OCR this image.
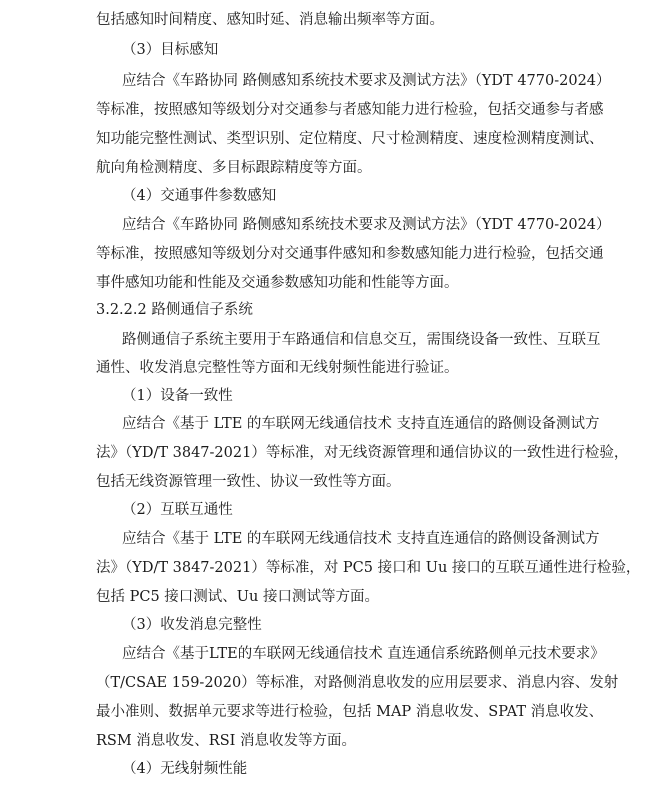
包括感知时间精度、感知时延、消息输出频率等方面。
（3）目标感知
应结合《车路协同 路侧感知系统技术要求及测试方法》（YDT 4770-2024）
等标准，按照感知等级划分对交通参与者感知能力进行检验，包括交通参与者感
知功能完整性测试、类型识别、定位精度、尺寸检测精度、速度检测精度测试、
航向角检测精度、多目标跟踪精度等方面。
（4）交通事件参数感知
应结合《车路协同 路侧感知系统技术要求及测试方法》（YDT 4770-2024）
等标准，按照感知等级划分对交通事件感知和参数感知能力进行检验，包括交通
事件感知功能和性能及交通参数感知功能和性能等方面。
3.2.2.2 路侧通信子系统
路侧通信子系统主要用于车路通信和信息交互，需围绕设备一致性、互联互
通性、收发消息完整性等方面和无线射频性能进行验证。
（1）设备一致性
应结合《基于 LTE 的车联网无线通信技术 支持直连通信的路侧设备测试方
法》（YD/T 3847-2021）等标准，对无线资源管理和通信协议的一致性进行检验，
包括无线资源管理一致性、协议一致性等方面。
（2）互联互通性
应结合《基于 LTE 的车联网无线通信技术 支持直连通信的路侧设备测试方
法》（YD/T 3847-2021）等标准，对 PC5 接口和 Uu 接口的互联互通性进行检验，
包括 PC5 接口测试、Uu 接口测试等方面。
（3）收发消息完整性
应结合《基于LTE的车联网无线通信技术 直连通信系统路侧单元技术要求》
（T/CSAE 159-2020）等标准，对路侧消息收发的应用层要求、消息内容、发射
最小准则、数据单元要求等进行检验，包括 MAP 消息收发、SPAT 消息收发、
RSM 消息收发、RSI 消息收发等方面。
（4）无线射频性能
